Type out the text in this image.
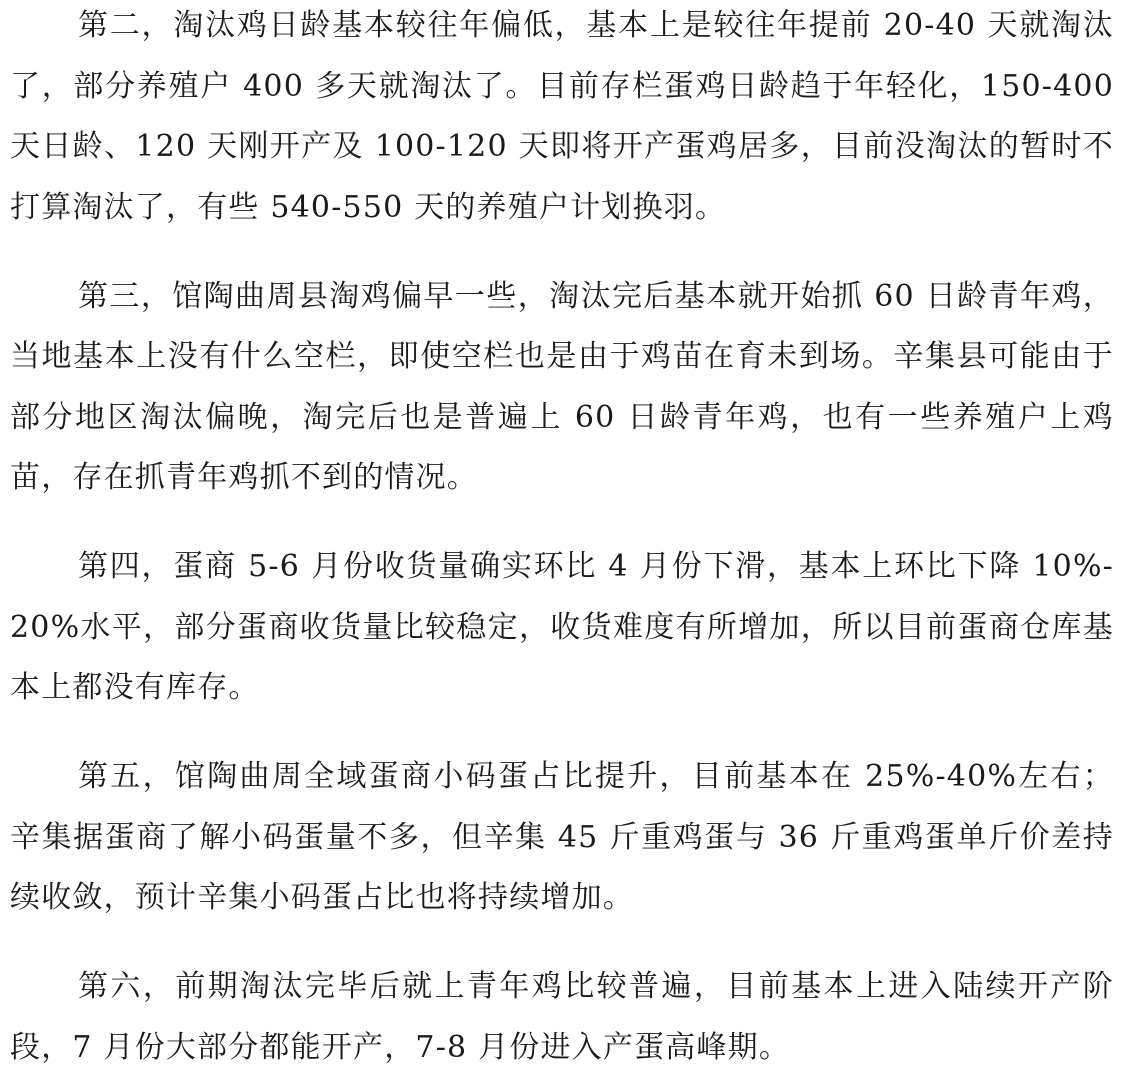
第二，淘汰鸡日龄基本较往年偏低，基本上是较往年提前 20-40 天就淘汰了，部分养殖户 400 多天就淘汰了。目前存栏蛋鸡日龄趋于年轻化，150-400 天日龄、120 天刚开产及 100-120 天即将开产蛋鸡居多，目前没淘汰的暂时不打算淘汰了，有些 540-550 天的养殖户计划换羽。

第三，馆陶曲周县淘鸡偏早一些，淘汰完后基本就开始抓 60 日龄青年鸡，当地基本上没有什么空栏，即使空栏也是由于鸡苗在育未到场。辛集县可能由于部分地区淘汰偏晚，淘完后也是普遍上 60 日龄青年鸡，也有一些养殖户上鸡苗，存在抓青年鸡抓不到的情况。

第四，蛋商 5-6 月份收货量确实环比 4 月份下滑，基本上环比下降 10%-20%水平，部分蛋商收货量比较稳定，收货难度有所增加，所以目前蛋商仓库基本上都没有库存。

第五，馆陶曲周全域蛋商小码蛋占比提升，目前基本在 25%-40%左右；辛集据蛋商了解小码蛋量不多，但辛集 45 斤重鸡蛋与 36 斤重鸡蛋单斤价差持续收敛，预计辛集小码蛋占比也将持续增加。

第六，前期淘汰完毕后就上青年鸡比较普遍，目前基本上进入陆续开产阶段，7 月份大部分都能开产，7-8 月份进入产蛋高峰期。
